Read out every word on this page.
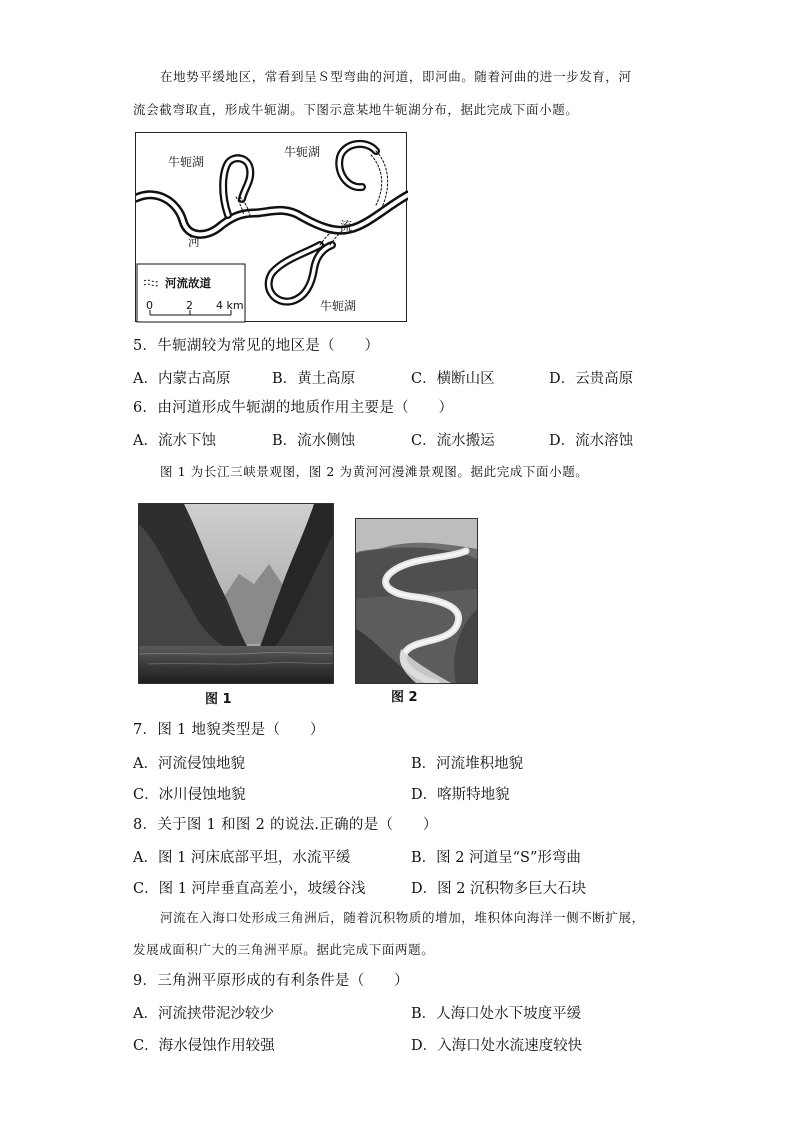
在地势平缓地区，常看到呈Ｓ型弯曲的河道，即河曲。随着河曲的进一步发育，河
流会截弯取直，形成牛轭湖。下图示意某地牛轭湖分布，据此完成下面小题。
牛轭湖
牛轭湖
牛轭湖
河
流
河流故道
0	2 4 km
5．牛轭湖较为常见的地区是（　　）
A．内蒙古高原	B．黄土高原	C．横断山区	D．云贵高原
6．由河道形成牛轭湖的地质作用主要是（　　）
A．流水下蚀	B．流水侧蚀	C．流水搬运	D．流水溶蚀
图 1 为长江三峡景观图，图 2 为黄河河漫滩景观图。据此完成下面小题。
图 1	图 2
7．图 1 地貌类型是（　　）
A．河流侵蚀地貌	B．河流堆积地貌
C．冰川侵蚀地貌	D．喀斯特地貌
8．关于图 1 和图 2 的说法.正确的是（　　）
A．图 1 河床底部平坦，水流平缓	B．图 2 河道呈“S”形弯曲
C．图 1 河岸垂直高差小，坡缓谷浅	D．图 2 沉积物多巨大石块
河流在入海口处形成三角洲后，随着沉积物质的增加，堆积体向海洋一侧不断扩展，
发展成面积广大的三角洲平原。据此完成下面两题。
9．三角洲平原形成的有利条件是（　　）
A．河流挟带泥沙较少	B．人海口处水下坡度平缓
C．海水侵蚀作用较强	D．入海口处水流速度较快
